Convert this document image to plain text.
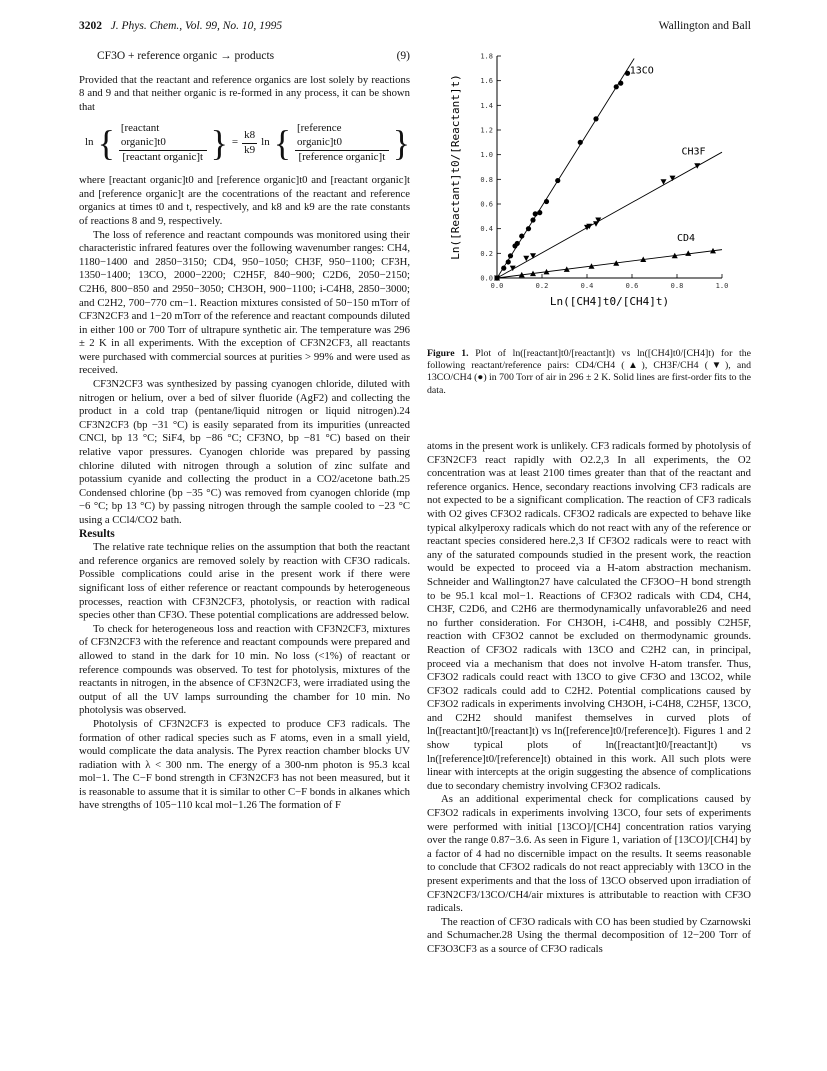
3202 J. Phys. Chem., Vol. 99, No. 10, 1995	Wallington and Ball
CF3O + reference organic → products	(9)

Provided that the reactant and reference organics are lost solely by reactions 8 and 9 and that neither organic is re-formed in any process, it can be shown that

ln { $\frac{\text{[reactant organic]t0}}{\text{[reactant organic]t}}$ } = $\frac{k8}{k9}$ ln { $\frac{\text{[reference organic]t0}}{\text{[reference organic]t}}$ }

where [reactant organic]t0 and [reference organic]t0 and [reactant organic]t and [reference organic]t are the cocentrations of the reactant and reference organics at times t0 and t, respectively, and k8 and k9 are the rate constants of reactions 8 and 9, respectively.

The loss of reference and reactant compounds was monitored using their characteristic infrared features over the following wavenumber ranges: CH4, 1180−1400 and 2850−3150; CD4, 950−1050; CH3F, 950−1100; CF3H, 1350−1400; 13CO, 2000−2200; C2H5F, 840−900; C2D6, 2050−2150; C2H6, 800−850 and 2950−3050; CH3OH, 900−1100; i-C4H8, 2850−3000; and C2H2, 700−770 cm−1. Reaction mixtures consisted of 50−150 mTorr of CF3N2CF3 and 1−20 mTorr of the reference and reactant compounds diluted in either 100 or 700 Torr of ultrapure synthetic air. The temperature was 296 ± 2 K in all experiments. With the exception of CF3N2CF3, all reactants were purchased with commercial sources at purities > 99% and were used as received.

CF3N2CF3 was synthesized by passing cyanogen chloride, diluted with nitrogen or helium, over a bed of silver fluoride (AgF2) and collecting the product in a cold trap (pentane/liquid nitrogen or liquid nitrogen).24 CF3N2CF3 (bp −31 °C) is easily separated from its impurities (unreacted CNCl, bp 13 °C; SiF4, bp −86 °C; CF3NO, bp −81 °C) based on their relative vapor pressures. Cyanogen chloride was prepared by passing chlorine diluted with nitrogen through a solution of zinc sulfate and potassium cyanide and collecting the product in a CO2/acetone bath.25 Condensed chlorine (bp −35 °C) was removed from cyanogen chloride (mp −6 °C; bp 13 °C) by passing nitrogen through the sample cooled to −23 °C using a CCl4/CO2 bath.

Results

The relative rate technique relies on the assumption that both the reactant and reference organics are removed solely by reaction with CF3O radicals. Possible complications could arise in the present work if there were significant loss of either reference or reactant compounds by heterogeneous processes, reaction with CF3N2CF3, photolysis, or reaction with radical species other than CF3O. These potential complications are addressed below.

To check for heterogeneous loss and reaction with CF3N2CF3, mixtures of CF3N2CF3 with the reference and reactant compounds were prepared and allowed to stand in the dark for 10 min. No loss (<1%) of reactant or reference compounds was observed. To test for photolysis, mixtures of the reactants in nitrogen, in the absence of CF3N2CF3, were irradiated using the output of all the UV lamps surrounding the chamber for 10 min. No photolysis was observed.

Photolysis of CF3N2CF3 is expected to produce CF3 radicals. The formation of other radical species such as F atoms, even in a small yield, would complicate the data analysis. The Pyrex reaction chamber blocks UV radiation with λ < 300 nm. The energy of a 300-nm photon is 95.3 kcal mol−1. The C−F bond strength in CF3N2CF3 has not been measured, but it is reasonable to assume that it is similar to other C−F bonds in alkanes which have strengths of 105−110 kcal mol−1.26 The formation of F

0.0	0.2	0.4	0.6	0.8	1.0
0.0
0.2
0.4
0.6
0.8
1.0
1.2
1.4
1.6
1.8
Ln([CH4]t0/[CH4]t)
Ln([Reactant]t0/[Reactant]t)
13CO
CH3F
CD4
Figure 1. Plot of ln([reactant]t0/[reactant]t) vs ln([CH4]t0/[CH4]t) for the following reactant/reference pairs: CD4/CH4 (▲), CH3F/CH4 (▼), and 13CO/CH4 (●) in 700 Torr of air in 296 ± 2 K. Solid lines are first-order fits to the data.

atoms in the present work is unlikely. CF3 radicals formed by photolysis of CF3N2CF3 react rapidly with O2.2,3 In all experiments, the O2 concentration was at least 2100 times greater than that of the reactant and reference organics. Hence, secondary reactions involving CF3 radicals are not expected to be a significant complication. The reaction of CF3 radicals with O2 gives CF3O2 radicals. CF3O2 radicals are expected to behave like typical alkylperoxy radicals which do not react with any of the reference or reactant species considered here.2,3 If CF3O2 radicals were to react with any of the saturated compounds studied in the present work, the reaction would be expected to proceed via a H-atom abstraction mechanism. Schneider and Wallington27 have calculated the CF3OO−H bond strength to be 95.1 kcal mol−1. Reactions of CF3O2 radicals with CD4, CH4, CH3F, C2D6, and C2H6 are thermodynamically unfavorable26 and need no further consideration. For CH3OH, i-C4H8, and possibly C2H5F, reaction with CF3O2 cannot be excluded on thermodynamic grounds. Reaction of CF3O2 radicals with 13CO and C2H2 can, in principal, proceed via a mechanism that does not involve H-atom transfer. Thus, CF3O2 radicals could react with 13CO to give CF3O and 13CO2, while CF3O2 radicals could add to C2H2. Potential complications caused by CF3O2 radicals in experiments involving CH3OH, i-C4H8, C2H5F, 13CO, and C2H2 should manifest themselves in curved plots of ln([reactant]t0/[reactant]t) vs ln([reference]t0/[reference]t). Figures 1 and 2 show typical plots of ln([reactant]t0/[reactant]t) vs ln([reference]t0/[reference]t) obtained in this work. All such plots were linear with intercepts at the origin suggesting the absence of complications due to secondary chemistry involving CF3O2 radicals.

As an additional experimental check for complications caused by CF3O2 radicals in experiments involving 13CO, four sets of experiments were performed with initial [13CO]/[CH4] concentration ratios varying over the range 0.87−3.6. As seen in Figure 1, variation of [13CO]/[CH4] by a factor of 4 had no discernible impact on the results. It seems reasonable to conclude that CF3O2 radicals do not react appreciably with 13CO in the present experiments and that the loss of 13CO observed upon irradiation of CF3N2CF3/13CO/CH4/air mixtures is attributable to reaction with CF3O radicals.

The reaction of CF3O radicals with CO has been studied by Czarnowski and Schumacher.28 Using the thermal decomposition of 12−200 Torr of CF3O3CF3 as a source of CF3O radicals
